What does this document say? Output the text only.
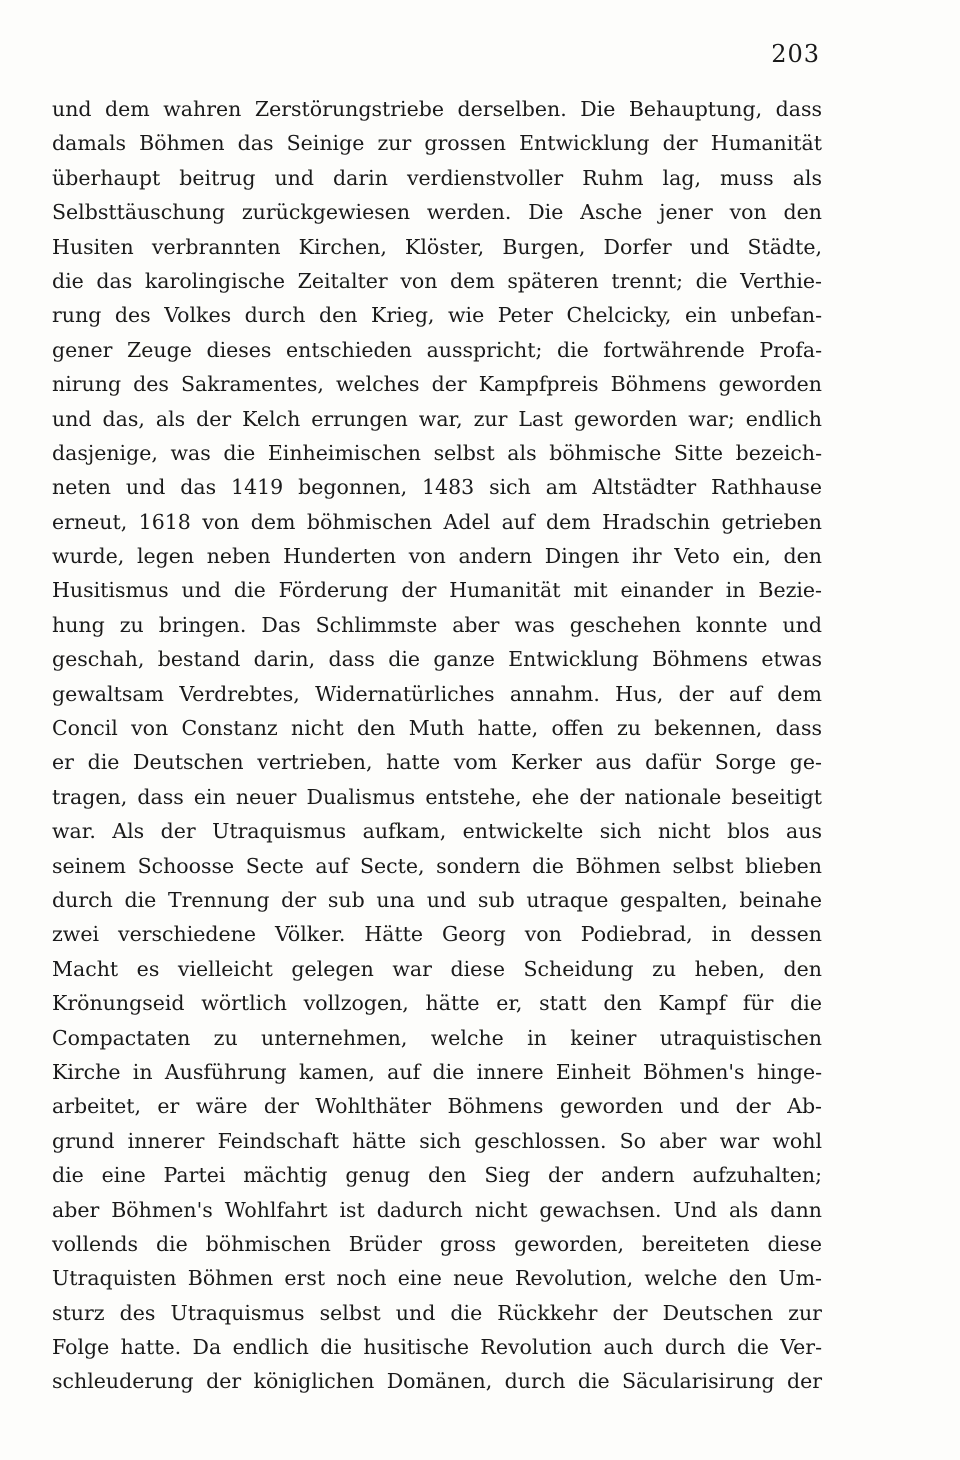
203
und dem wahren Zerstörungstriebe derselben. Die Behauptung, dass
damals Böhmen das Seinige zur grossen Entwicklung der Humanität
überhaupt beitrug und darin verdienstvoller Ruhm lag, muss als
Selbsttäuschung zurückgewiesen werden. Die Asche jener von den
Husiten verbrannten Kirchen, Klöster, Burgen, Dorfer und Städte,
die das karolingische Zeitalter von dem späteren trennt; die Verthie-
rung des Volkes durch den Krieg, wie Peter Chelcicky, ein unbefan-
gener Zeuge dieses entschieden ausspricht; die fortwährende Profa-
nirung des Sakramentes, welches der Kampfpreis Böhmens geworden
und das, als der Kelch errungen war, zur Last geworden war; endlich
dasjenige, was die Einheimischen selbst als böhmische Sitte bezeich-
neten und das 1419 begonnen, 1483 sich am Altstädter Rathhause
erneut, 1618 von dem böhmischen Adel auf dem Hradschin getrieben
wurde, legen neben Hunderten von andern Dingen ihr Veto ein, den
Husitismus und die Förderung der Humanität mit einander in Bezie-
hung zu bringen. Das Schlimmste aber was geschehen konnte und
geschah, bestand darin, dass die ganze Entwicklung Böhmens etwas
gewaltsam Verdrebtes, Widernatürliches annahm. Hus, der auf dem
Concil von Constanz nicht den Muth hatte, offen zu bekennen, dass
er die Deutschen vertrieben, hatte vom Kerker aus dafür Sorge ge-
tragen, dass ein neuer Dualismus entstehe, ehe der nationale beseitigt
war. Als der Utraquismus aufkam, entwickelte sich nicht blos aus
seinem Schoosse Secte auf Secte, sondern die Böhmen selbst blieben
durch die Trennung der sub una und sub utraque gespalten, beinahe
zwei verschiedene Völker. Hätte Georg von Podiebrad, in dessen
Macht es vielleicht gelegen war diese Scheidung zu heben, den
Krönungseid wörtlich vollzogen, hätte er, statt den Kampf für die
Compactaten zu unternehmen, welche in keiner utraquistischen
Kirche in Ausführung kamen, auf die innere Einheit Böhmen's hinge-
arbeitet, er wäre der Wohlthäter Böhmens geworden und der Ab-
grund innerer Feindschaft hätte sich geschlossen. So aber war wohl
die eine Partei mächtig genug den Sieg der andern aufzuhalten;
aber Böhmen's Wohlfahrt ist dadurch nicht gewachsen. Und als dann
vollends die böhmischen Brüder gross geworden, bereiteten diese
Utraquisten Böhmen erst noch eine neue Revolution, welche den Um-
sturz des Utraquismus selbst und die Rückkehr der Deutschen zur
Folge hatte. Da endlich die husitische Revolution auch durch die Ver-
schleuderung der königlichen Domänen, durch die Säcularisirung der
